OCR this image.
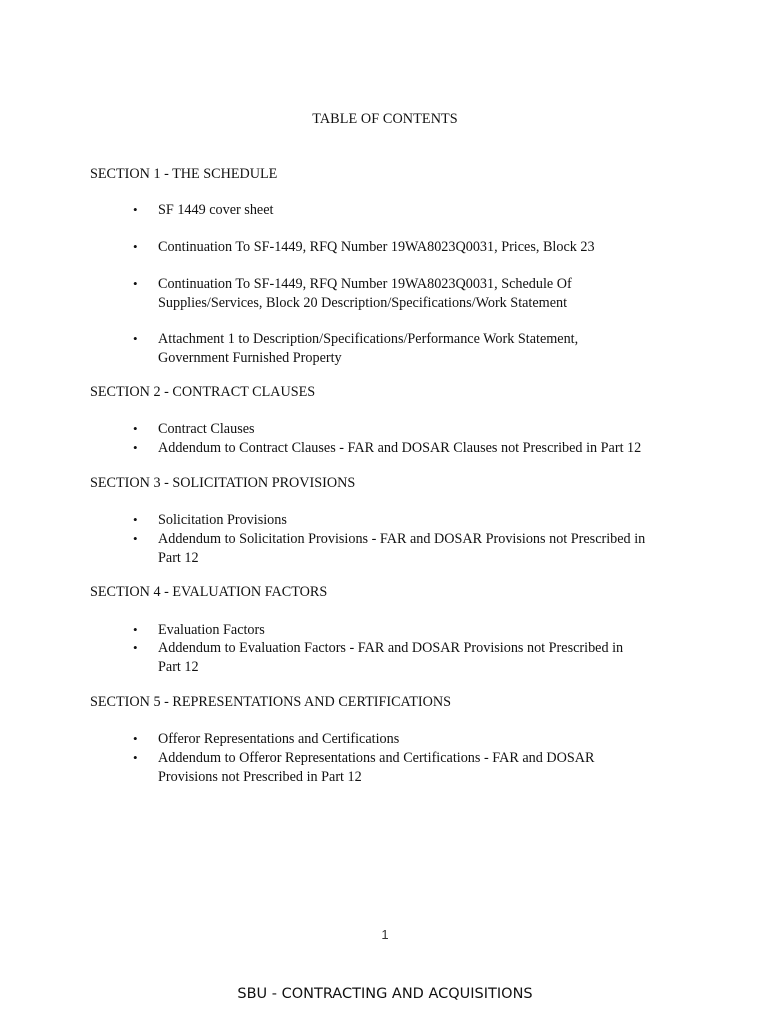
TABLE OF CONTENTS
SECTION 1 - THE SCHEDULE
• SF 1449 cover sheet
• Continuation To SF-1449, RFQ Number 19WA8023Q0031, Prices, Block 23
• Continuation To SF-1449, RFQ Number 19WA8023Q0031, Schedule Of
Supplies/Services, Block 20 Description/Specifications/Work Statement
• Attachment 1 to Description/Specifications/Performance Work Statement,
Government Furnished Property
SECTION 2 - CONTRACT CLAUSES
• Contract Clauses
• Addendum to Contract Clauses - FAR and DOSAR Clauses not Prescribed in Part 12
SECTION 3 - SOLICITATION PROVISIONS
• Solicitation Provisions
• Addendum to Solicitation Provisions - FAR and DOSAR Provisions not Prescribed in
Part 12
SECTION 4 - EVALUATION FACTORS
• Evaluation Factors
• Addendum to Evaluation Factors - FAR and DOSAR Provisions not Prescribed in
Part 12
SECTION 5 - REPRESENTATIONS AND CERTIFICATIONS
• Offeror Representations and Certifications
• Addendum to Offeror Representations and Certifications - FAR and DOSAR
Provisions not Prescribed in Part 12
1
SBU - CONTRACTING AND ACQUISITIONS
